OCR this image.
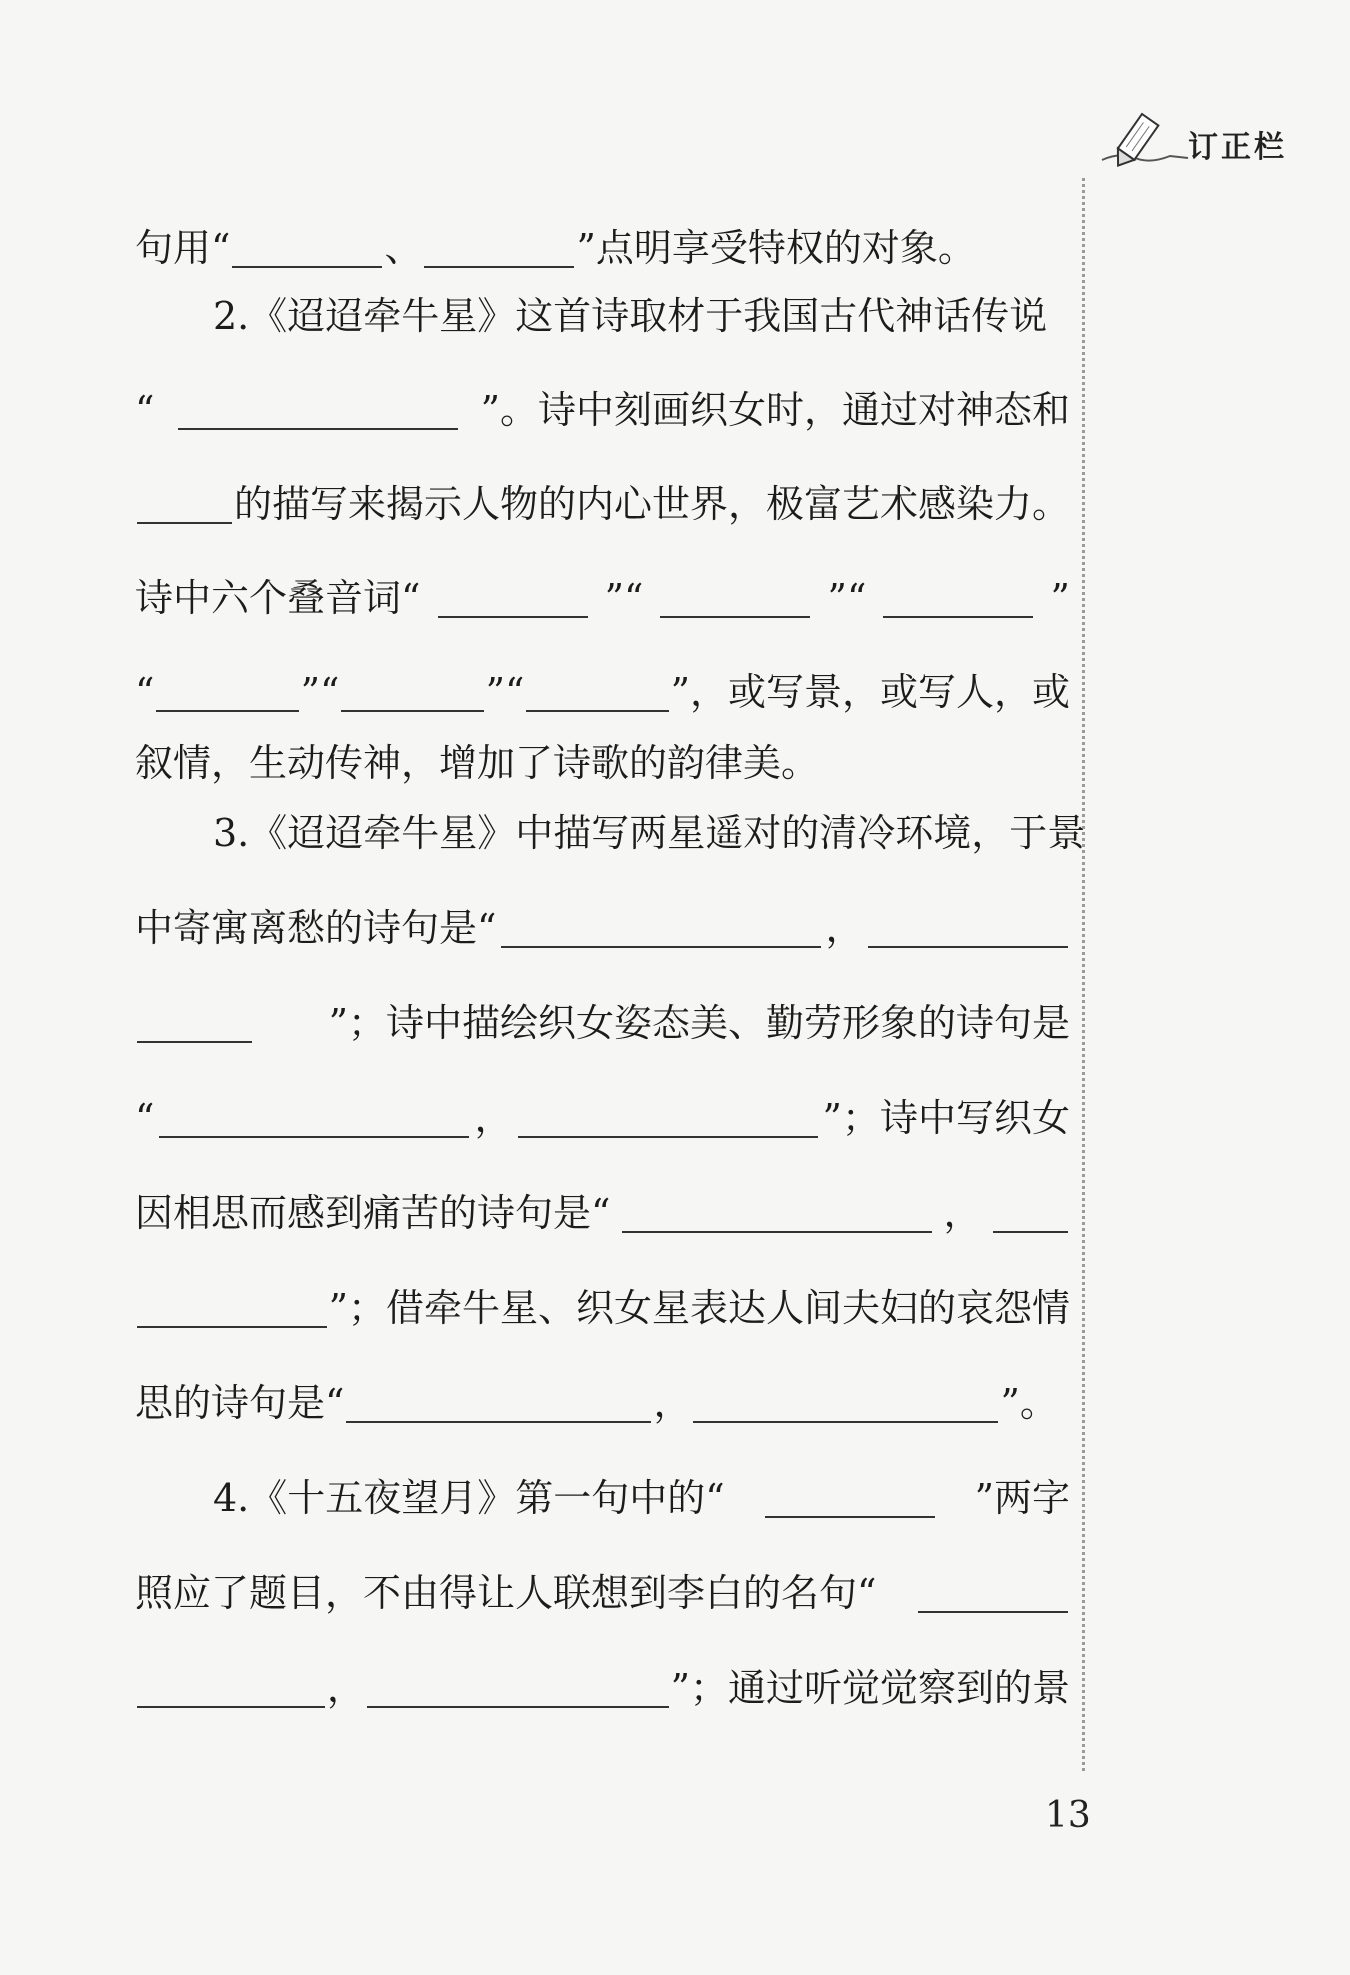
订正栏
句用“	、	”点明享受特权的对象。
2.《迢迢牵牛星》这首诗取材于我国古代神话传说
“	”。诗中刻画织女时，通过对神态和
的描写来揭示人物的内心世界，极富艺术感染力。
诗中六个叠音词“	”“	”“	”
“	”“	”“	”，或写景，或写人，或
叙情，生动传神，增加了诗歌的韵律美。
3.《迢迢牵牛星》中描写两星遥对的清冷环境，于景
中寄寓离愁的诗句是“	，
”；诗中描绘织女姿态美、勤劳形象的诗句是
“	，	”；诗中写织女
因相思而感到痛苦的诗句是“	，
”；借牵牛星、织女星表达人间夫妇的哀怨情
思的诗句是“	，	”。
4.《十五夜望月》第一句中的“	”两字
照应了题目，不由得让人联想到李白的名句“
，	”；通过听觉觉察到的景
13
